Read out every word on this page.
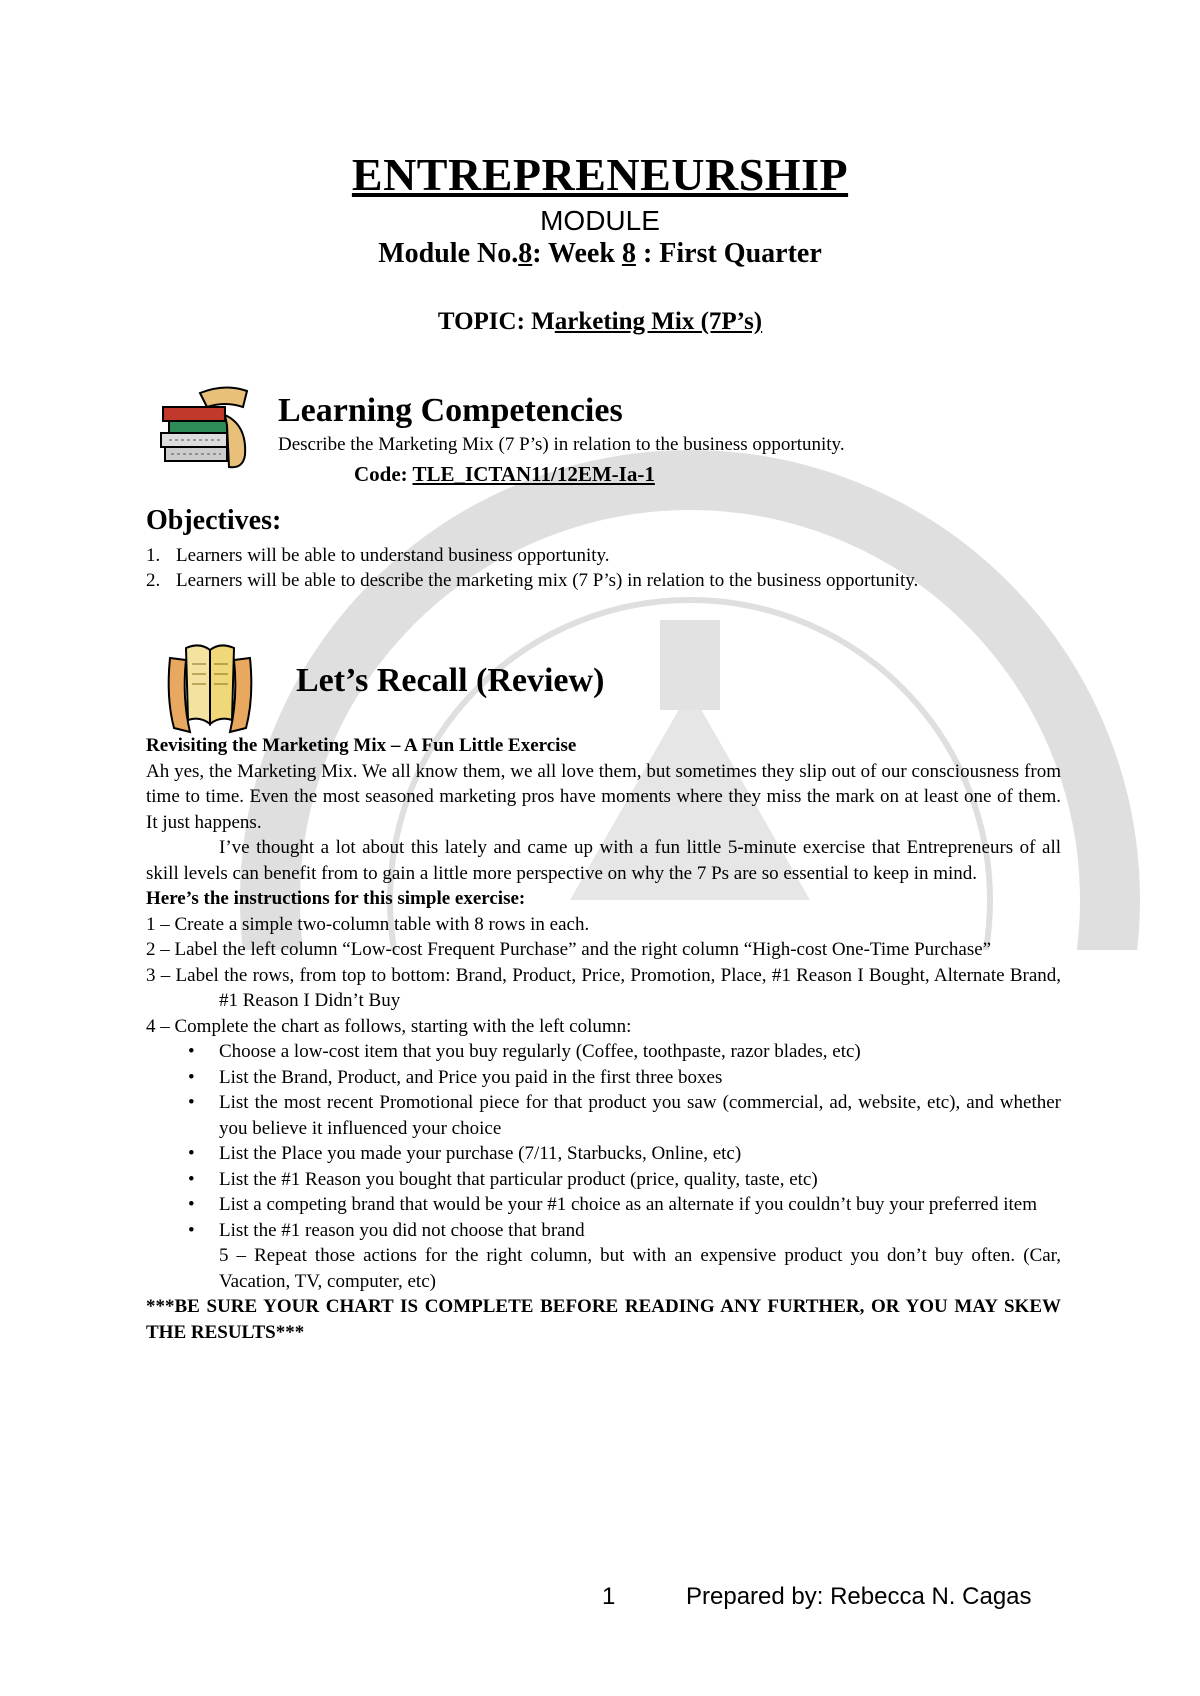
ENTREPRENEURSHIP
MODULE
Module No.8: Week 8 : First Quarter
TOPIC: Marketing Mix (7P’s)
Learning Competencies
Describe the Marketing Mix (7 P’s) in relation to the business opportunity.
Code: TLE_ICTAN11/12EM-Ia-1
Objectives:
1. Learners will be able to understand business opportunity.
2. Learners will be able to describe the marketing mix (7 P’s) in relation to the business opportunity.
Let’s Recall (Review)

Revisiting the Marketing Mix – A Fun Little Exercise

Ah yes, the Marketing Mix. We all know them, we all love them, but sometimes they slip out of our consciousness from time to time. Even the most seasoned marketing pros have moments where they miss the mark on at least one of them. It just happens.

I’ve thought a lot about this lately and came up with a fun little 5-minute exercise that Entrepreneurs of all skill levels can benefit from to gain a little more perspective on why the 7 Ps are so essential to keep in mind.

Here’s the instructions for this simple exercise:

1 – Create a simple two-column table with 8 rows in each.

2 – Label the left column “Low-cost Frequent Purchase” and the right column “High-cost One-Time Purchase”

3 – Label the rows, from top to bottom: Brand, Product, Price, Promotion, Place, #1 Reason I Bought, Alternate Brand, #1 Reason I Didn’t Buy

4 – Complete the chart as follows, starting with the left column:

• Choose a low-cost item that you buy regularly (Coffee, toothpaste, razor blades, etc)
• List the Brand, Product, and Price you paid in the first three boxes
• List the most recent Promotional piece for that product you saw (commercial, ad, website, etc), and whether you believe it influenced your choice
• List the Place you made your purchase (7/11, Starbucks, Online, etc)
• List the #1 Reason you bought that particular product (price, quality, taste, etc)
• List a competing brand that would be your #1 choice as an alternate if you couldn’t buy your preferred item
• List the #1 reason you did not choose that brand

5 – Repeat those actions for the right column, but with an expensive product you don’t buy often. (Car, Vacation, TV, computer, etc)

***BE SURE YOUR CHART IS COMPLETE BEFORE READING ANY FURTHER, OR YOU MAY SKEW THE RESULTS***

1	Prepared by: Rebecca N. Cagas
